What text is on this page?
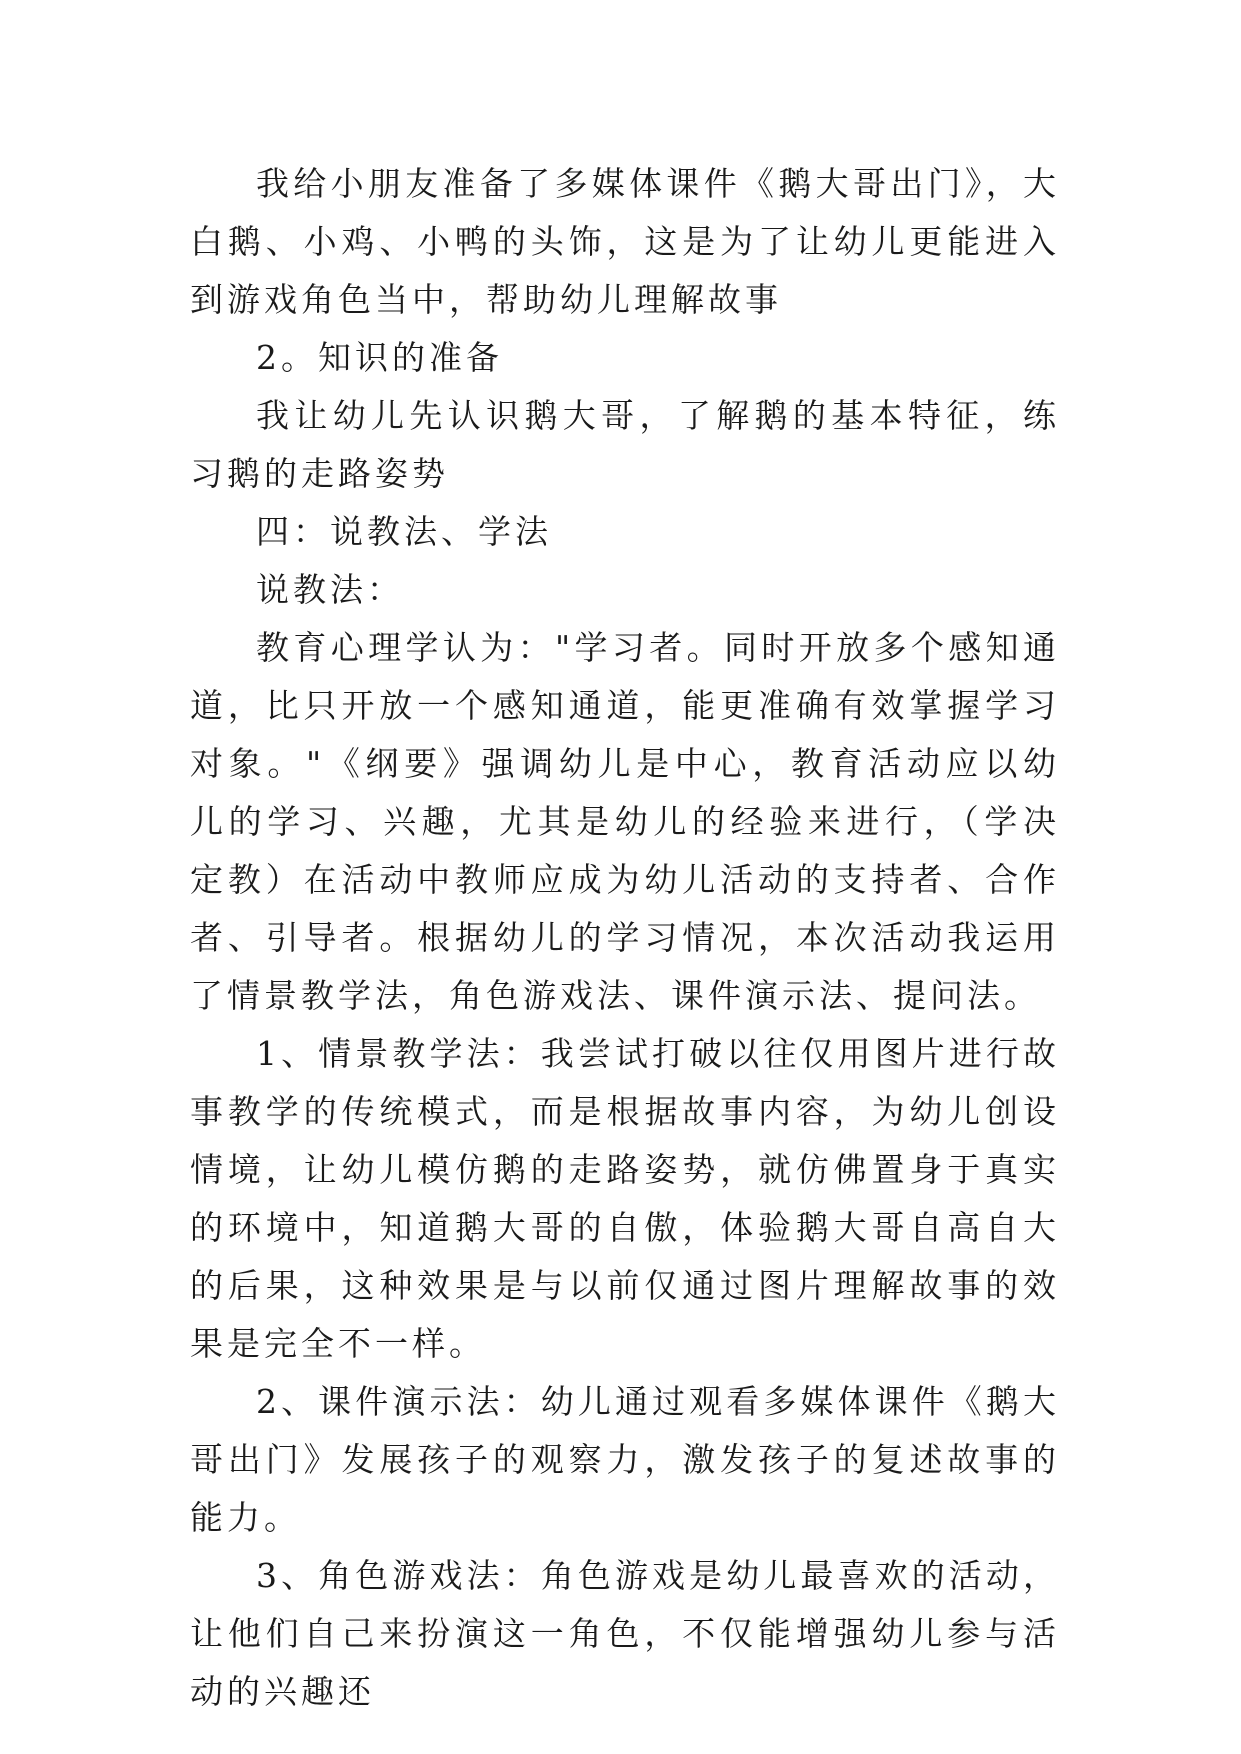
我给小朋友准备了多媒体课件《鹅大哥出门》，大白鹅、小鸡、小鸭的头饰，这是为了让幼儿更能进入到游戏角色当中，帮助幼儿理解故事

2。知识的准备

我让幼儿先认识鹅大哥，了解鹅的基本特征，练习鹅的走路姿势

四：说教法、学法

说教法：

教育心理学认为："学习者。同时开放多个感知通道，比只开放一个感知通道，能更准确有效掌握学习对象。"《纲要》强调幼儿是中心，教育活动应以幼儿的学习、兴趣，尤其是幼儿的经验来进行，（学决定教）在活动中教师应成为幼儿活动的支持者、合作者、引导者。根据幼儿的学习情况，本次活动我运用了情景教学法，角色游戏法、课件演示法、提问法。

1、情景教学法：我尝试打破以往仅用图片进行故事教学的传统模式，而是根据故事内容，为幼儿创设情境，让幼儿模仿鹅的走路姿势，就仿佛置身于真实的环境中，知道鹅大哥的自傲，体验鹅大哥自高自大的后果，这种效果是与以前仅通过图片理解故事的效果是完全不一样。

2、课件演示法：幼儿通过观看多媒体课件《鹅大哥出门》发展孩子的观察力，激发孩子的复述故事的能力。

3、角色游戏法：角色游戏是幼儿最喜欢的活动，让他们自己来扮演这一角色，不仅能增强幼儿参与活动的兴趣还
